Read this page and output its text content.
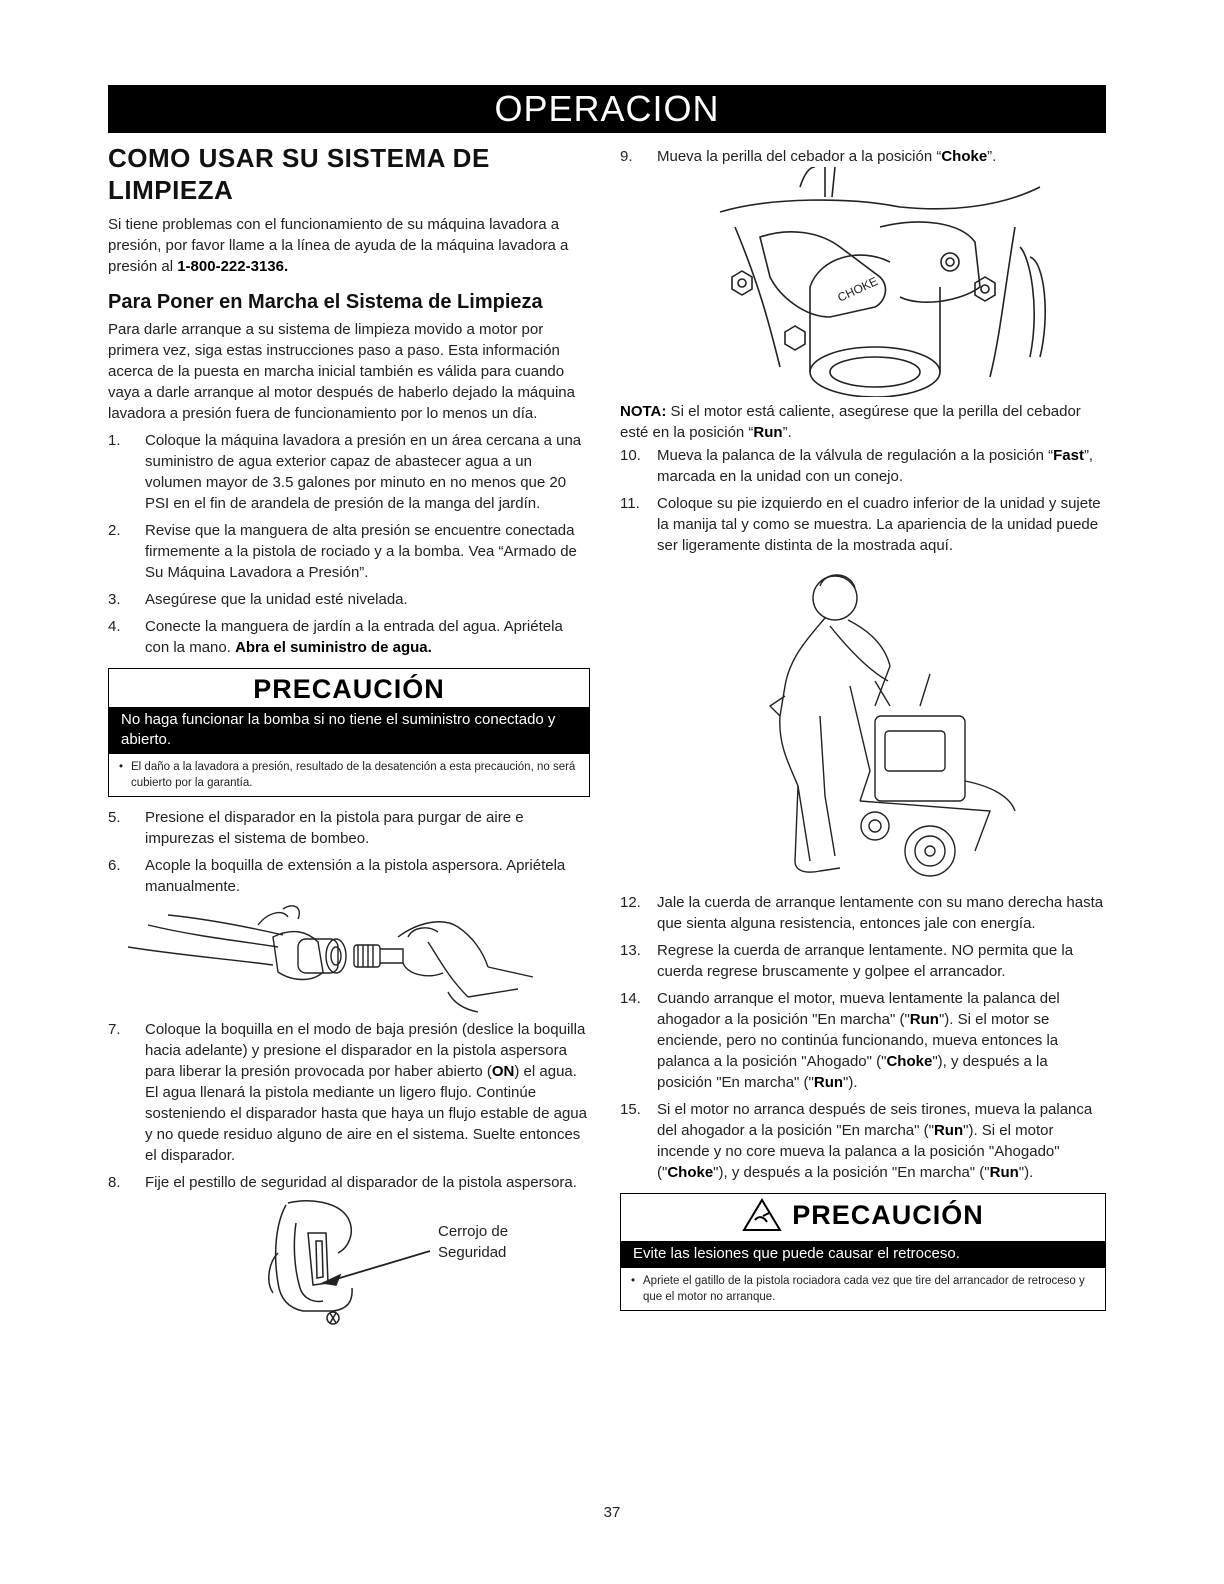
OPERACION
COMO USAR SU SISTEMA DE LIMPIEZA

Si tiene problemas con el funcionamiento de su máquina lavadora a presión, por favor llame a la línea de ayuda de la máquina lavadora a presión al 1-800-222-3136.

Para Poner en Marcha el Sistema de Limpieza

Para darle arranque a su sistema de limpieza movido a motor por primera vez, siga estas instrucciones paso a paso. Esta información acerca de la puesta en marcha inicial también es válida para cuando vaya a darle arranque al motor después de haberlo dejado la máquina lavadora a presión fuera de funcionamiento por lo menos un día.

1. Coloque la máquina lavadora a presión en un área cercana a una suministro de agua exterior capaz de abastecer agua a un volumen mayor de 3.5 galones por minuto en no menos que 20 PSI en el fin de arandela de presión de la manga del jardín.
2. Revise que la manguera de alta presión se encuentre conectada firmemente a la pistola de rociado y a la bomba. Vea “Armado de Su Máquina Lavadora a Presión”.
3. Asegúrese que la unidad esté nivelada.
4. Conecte la manguera de jardín a la entrada del agua. Apriétela con la mano. Abra el suministro de agua.
PRECAUCIÓN
No haga funcionar la bomba si no tiene el suministro conectado y abierto.
• El daño a la lavadora a presión, resultado de la desatención a esta precaución, no será cubierto por la garantía.
5. Presione el disparador en la pistola para purgar de aire e impurezas el sistema de bombeo.
6. Acople la boquilla de extensión a la pistola aspersora. Apriétela manualmente.
7. Coloque la boquilla en el modo de baja presión (deslice la boquilla hacia adelante) y presione el disparador en la pistola aspersora para liberar la presión provocada por haber abierto (ON) el agua. El agua llenará la pistola mediante un ligero flujo. Continúe sosteniendo el disparador hasta que haya un flujo estable de agua y no quede residuo alguno de aire en el sistema. Suelte entonces el disparador.
8. Fije el pestillo de seguridad al disparador de la pistola aspersora.
Cerrojo de
Seguridad
9. Mueva la perilla del cebador a la posición “Choke”.
CHOKE

NOTA: Si el motor está caliente, asegúrese que la perilla del cebador esté en la posición “Run”.

10. Mueva la palanca de la válvula de regulación a la posición “Fast”, marcada en la unidad con un conejo.
11. Coloque su pie izquierdo en el cuadro inferior de la unidad y sujete la manija tal y como se muestra. La apariencia de la unidad puede ser ligeramente distinta de la mostrada aquí.
12. Jale la cuerda de arranque lentamente con su mano derecha hasta que sienta alguna resistencia, entonces jale con energía.
13. Regrese la cuerda de arranque lentamente. NO permita que la cuerda regrese bruscamente y golpee el arrancador.
14. Cuando arranque el motor, mueva lentamente la palanca del ahogador a la posición "En marcha" ("Run"). Si el motor se enciende, pero no continúa funcionando, mueva entonces la palanca a la posición "Ahogado" ("Choke"), y después a la posición "En marcha" ("Run").
15. Si el motor no arranca después de seis tirones, mueva la palanca del ahogador a la posición "En marcha" ("Run"). Si el motor incende y no core mueva la palanca a la posición "Ahogado" ("Choke"), y después a la posición "En marcha" ("Run").
PRECAUCIÓN
Evite las lesiones que puede causar el retroceso.
• Apriete el gatillo de la pistola rociadora cada vez que tire del arrancador de retroceso y que el motor no arranque.
37
